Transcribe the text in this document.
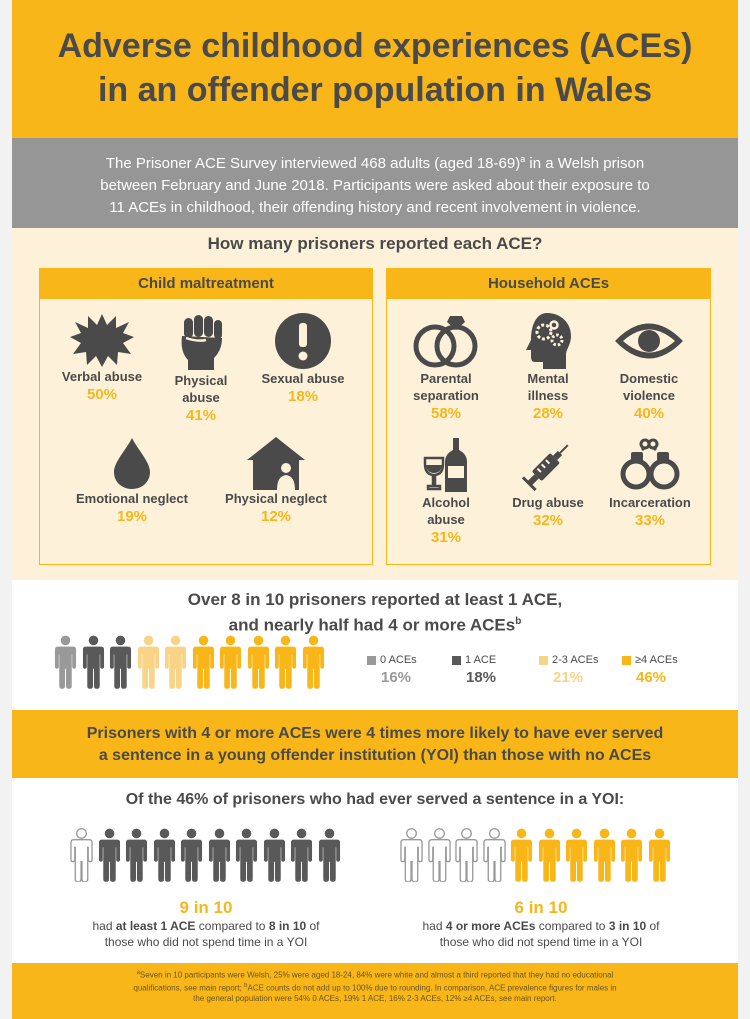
Adverse childhood experiences (ACEs)
in an offender population in Wales
The Prisoner ACE Survey interviewed 468 adults (aged 18-69)$^a$ in a Welsh prison
between February and June 2018. Participants were asked about their exposure to
11 ACEs in childhood, their offending history and recent involvement in violence.
How many prisoners reported each ACE?
Child maltreatment
Verbal abuse
50%
Physical abuse
41%
Sexual abuse
18%
Emotional neglect
19%
Physical neglect
12%
Household ACEs
Parental separation
58%
Mental illness
28%
Domestic violence
40%
Alcohol abuse
31%
Drug abuse
32%
Incarceration
33%
Over 8 in 10 prisoners reported at least 1 ACE,
and nearly half had 4 or more ACEs$^b$
0 ACEs
16%
1 ACE
18%
2-3 ACEs
21%
≥4 ACEs
46%
Prisoners with 4 or more ACEs were 4 times more likely to have ever served
a sentence in a young offender institution (YOI) than those with no ACEs
Of the 46% of prisoners who had ever served a sentence in a YOI:
9 in 10
had at least 1 ACE compared to 8 in 10 of
those who did not spend time in a YOI
6 in 10
had 4 or more ACEs compared to 3 in 10 of
those who did not spend time in a YOI
$^a$Seven in 10 participants were Welsh, 25% were aged 18-24, 84% were white and almost a third reported that they had no educational
qualifications, see main report; $^b$ACE counts do not add up to 100% due to rounding. In comparison, ACE prevalence figures for males in
the general population were 54% 0 ACEs, 19% 1 ACE, 16% 2-3 ACEs, 12% ≥4 ACEs, see main report.
